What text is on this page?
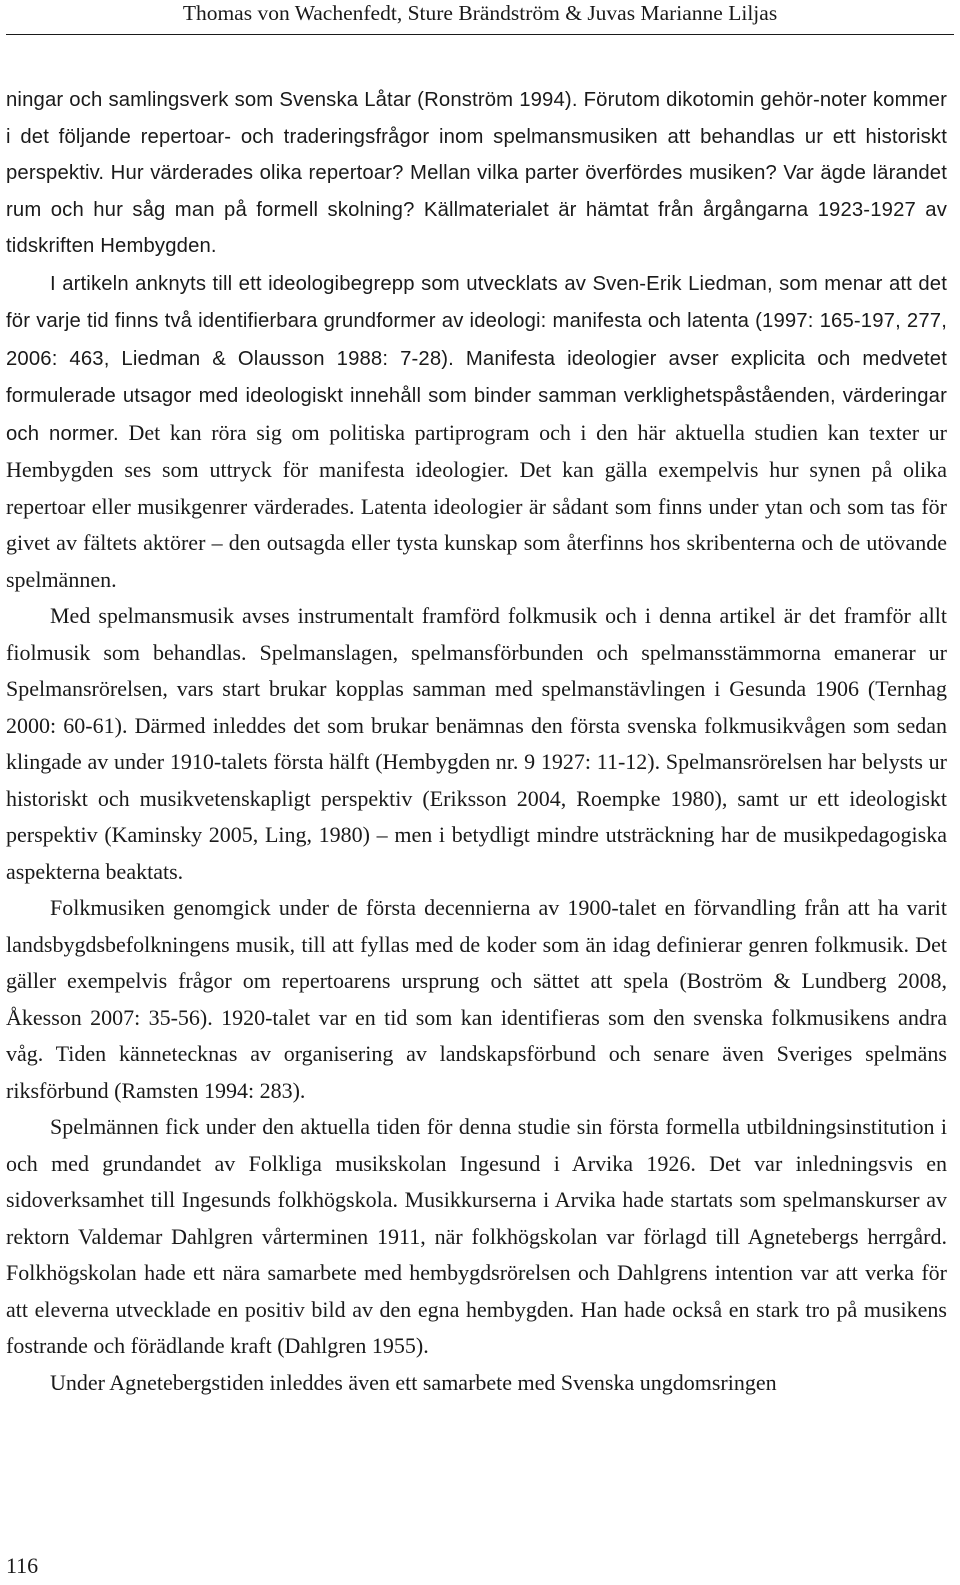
Thomas von Wachenfedt, Sture Brändström & Juvas Marianne Liljas

ningar och samlingsverk som Svenska Låtar (Ronström 1994). Förutom dikotomin gehör-noter kommer i det följande repertoar- och traderingsfrågor inom spelmansmusiken att behandlas ur ett historiskt perspektiv. Hur värderades olika repertoar? Mellan vilka parter överfördes musiken? Var ägde lärandet rum och hur såg man på formell skolning? Källmaterialet är hämtat från årgångarna 1923-1927 av tidskriften Hembygden.

I artikeln anknyts till ett ideologibegrepp som utvecklats av Sven-Erik Liedman, som menar att det för varje tid finns två identifierbara grundformer av ideologi: manifesta och latenta (1997: 165-197, 277, 2006: 463, Liedman & Olausson 1988: 7-28). Manifesta ideologier avser explicita och medvetet formulerade utsagor med ideologiskt innehåll som binder samman verklighetspåståenden, värderingar och normer. Det kan röra sig om politiska partiprogram och i den här aktuella studien kan texter ur Hembygden ses som uttryck för manifesta ideologier. Det kan gälla exempelvis hur synen på olika repertoar eller musikgenrer värderades. Latenta ideologier är sådant som finns under ytan och som tas för givet av fältets aktörer – den outsagda eller tysta kunskap som återfinns hos skribenterna och de utövande spelmännen.

Med spelmansmusik avses instrumentalt framförd folkmusik och i denna artikel är det framför allt fiolmusik som behandlas. Spelmanslagen, spelmansförbunden och spelmansstämmorna emanerar ur Spelmansrörelsen, vars start brukar kopplas samman med spelmanstävlingen i Gesunda 1906 (Ternhag 2000: 60-61). Därmed inleddes det som brukar benämnas den första svenska folkmusikvågen som sedan klingade av under 1910-talets första hälft (Hembygden nr. 9 1927: 11-12). Spelmansrörelsen har belysts ur historiskt och musikvetenskapligt perspektiv (Eriksson 2004, Roempke 1980), samt ur ett ideologiskt perspektiv (Kaminsky 2005, Ling, 1980) – men i betydligt mindre utsträckning har de musikpedagogiska aspekterna beaktats.

Folkmusiken genomgick under de första decennierna av 1900-talet en förvandling från att ha varit landsbygdsbefolkningens musik, till att fyllas med de koder som än idag definierar genren folkmusik. Det gäller exempelvis frågor om repertoarens ursprung och sättet att spela (Boström & Lundberg 2008, Åkesson 2007: 35-56). 1920-talet var en tid som kan identifieras som den svenska folkmusikens andra våg. Tiden kännetecknas av organisering av landskapsförbund och senare även Sveriges spelmäns riksförbund (Ramsten 1994: 283).

Spelmännen fick under den aktuella tiden för denna studie sin första formella utbildningsinstitution i och med grundandet av Folkliga musikskolan Ingesund i Arvika 1926. Det var inledningsvis en sidoverksamhet till Ingesunds folkhögskola. Musikkurserna i Arvika hade startats som spelmanskurser av rektorn Valdemar Dahlgren vårterminen 1911, när folkhögskolan var förlagd till Agnetebergs herrgård. Folkhögskolan hade ett nära samarbete med hembygdsrörelsen och Dahlgrens intention var att verka för att eleverna utvecklade en positiv bild av den egna hembygden. Han hade också en stark tro på musikens fostrande och förädlande kraft (Dahlgren 1955).

Under Agnetebergstiden inleddes även ett samarbete med Svenska ungdomsringen

116
